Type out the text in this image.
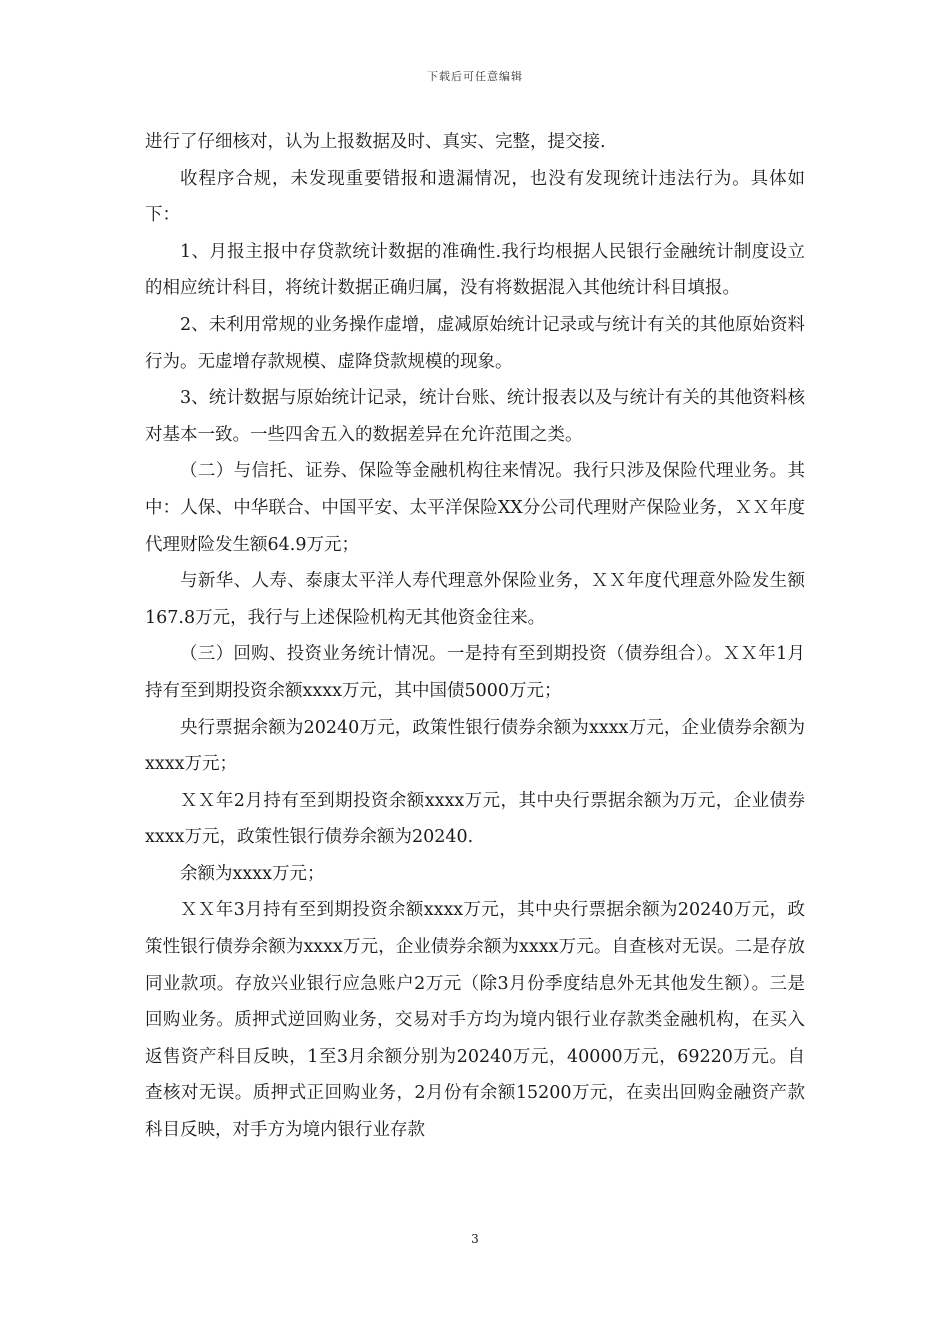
下载后可任意编辑

进行了仔细核对，认为上报数据及时、真实、完整，提交接.

收程序合规，未发现重要错报和遗漏情况，也没有发现统计违法行为。具体如下：

1、月报主报中存贷款统计数据的准确性.我行均根据人民银行金融统计制度设立的相应统计科目，将统计数据正确归属，没有将数据混入其他统计科目填报。

2、未利用常规的业务操作虚增，虚减原始统计记录或与统计有关的其他原始资料行为。无虚增存款规模、虚降贷款规模的现象。

3、统计数据与原始统计记录，统计台账、统计报表以及与统计有关的其他资料核对基本一致。一些四舍五入的数据差异在允许范围之类。

（二）与信托、证券、保险等金融机构往来情况。我行只涉及保险代理业务。其中：人保、中华联合、中国平安、太平洋保险XX分公司代理财产保险业务，ＸＸ年度代理财险发生额64.9万元；

与新华、人寿、泰康太平洋人寿代理意外保险业务，ＸＸ年度代理意外险发生额167.8万元，我行与上述保险机构无其他资金往来。

（三）回购、投资业务统计情况。一是持有至到期投资（债券组合）。ＸＸ年1月持有至到期投资余额xxxx万元，其中国债5000万元；

央行票据余额为20240万元，政策性银行债券余额为xxxx万元，企业债券余额为xxxx万元；

ＸＸ年2月持有至到期投资余额xxxx万元，其中央行票据余额为万元，企业债券xxxx万元，政策性银行债券余额为20240.

余额为xxxx万元；

ＸＸ年3月持有至到期投资余额xxxx万元，其中央行票据余额为20240万元，政策性银行债券余额为xxxx万元，企业债券余额为xxxx万元。自查核对无误。二是存放同业款项。存放兴业银行应急账户2万元（除3月份季度结息外无其他发生额）。三是回购业务。质押式逆回购业务，交易对手方均为境内银行业存款类金融机构，在买入返售资产科目反映，1至3月余额分别为20240万元，40000万元，69220万元。自查核对无误。质押式正回购业务，2月份有余额15200万元，在卖出回购金融资产款科目反映，对手方为境内银行业存款

3
